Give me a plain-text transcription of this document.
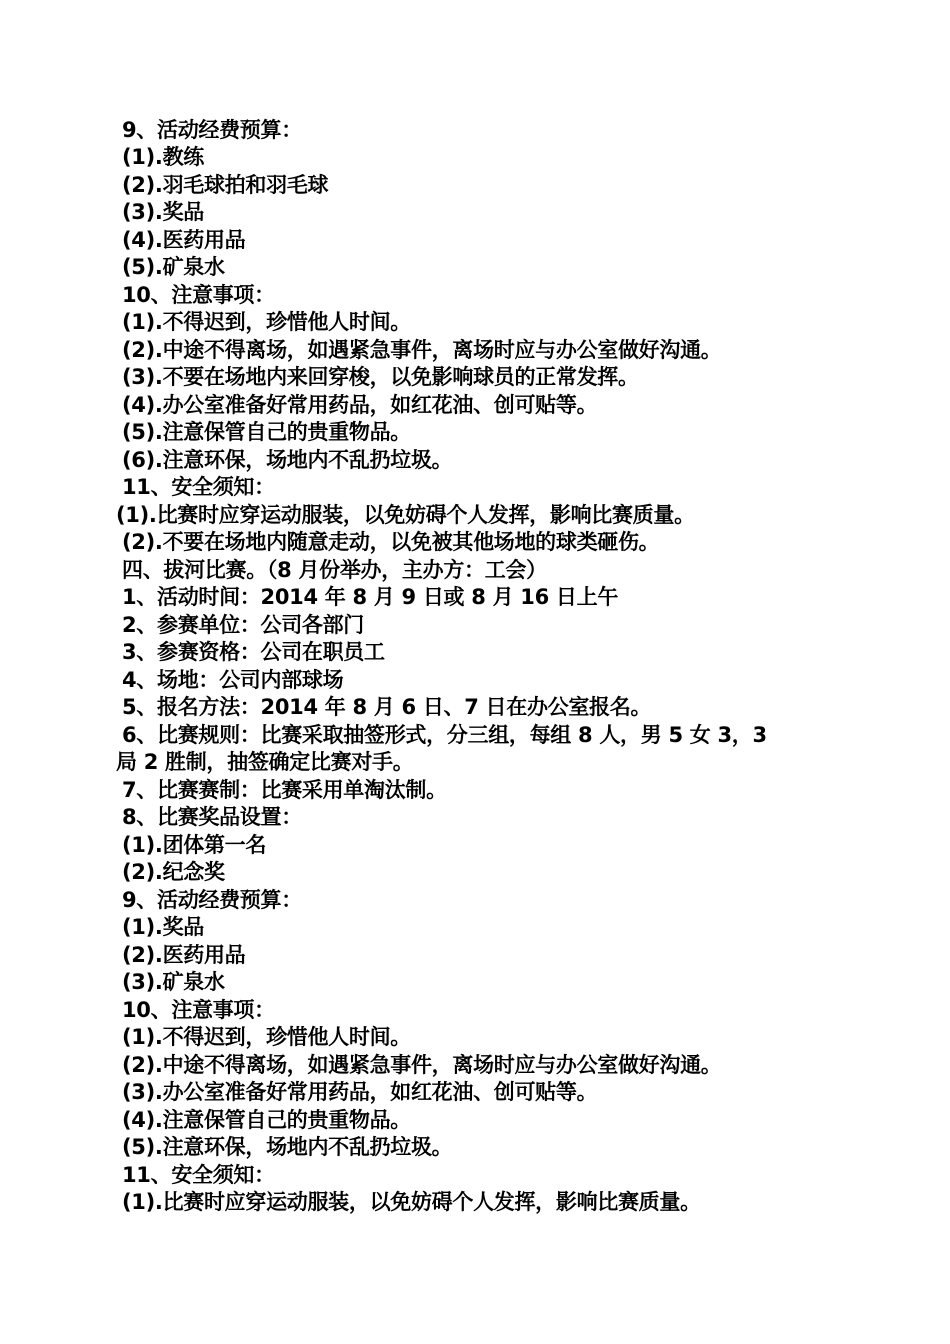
9、活动经费预算：
(1).教练
(2).羽毛球拍和羽毛球
(3).奖品
(4).医药用品
(5).矿泉水
10、注意事项：
(1).不得迟到，珍惜他人时间。
(2).中途不得离场，如遇紧急事件，离场时应与办公室做好沟通。
(3).不要在场地内来回穿梭，以免影响球员的正常发挥。
(4).办公室准备好常用药品，如红花油、创可贴等。
(5).注意保管自己的贵重物品。
(6).注意环保，场地内不乱扔垃圾。
11、安全须知：
(1).比赛时应穿运动服装，以免妨碍个人发挥，影响比赛质量。
(2).不要在场地内随意走动，以免被其他场地的球类砸伤。
四、拔河比赛。（8 月份举办，主办方：工会）
1、活动时间：2014 年 8 月 9 日或 8 月 16 日上午
2、参赛单位：公司各部门
3、参赛资格：公司在职员工
4、场地：公司内部球场
5、报名方法：2014 年 8 月 6 日、7 日在办公室报名。
6、比赛规则：比赛采取抽签形式，分三组，每组 8 人，男 5 女 3，3
局 2 胜制，抽签确定比赛对手。
7、比赛赛制：比赛采用单淘汰制。
8、比赛奖品设置：
(1).团体第一名
(2).纪念奖
9、活动经费预算：
(1).奖品
(2).医药用品
(3).矿泉水
10、注意事项：
(1).不得迟到，珍惜他人时间。
(2).中途不得离场，如遇紧急事件，离场时应与办公室做好沟通。
(3).办公室准备好常用药品，如红花油、创可贴等。
(4).注意保管自己的贵重物品。
(5).注意环保，场地内不乱扔垃圾。
11、安全须知：
(1).比赛时应穿运动服装，以免妨碍个人发挥，影响比赛质量。
